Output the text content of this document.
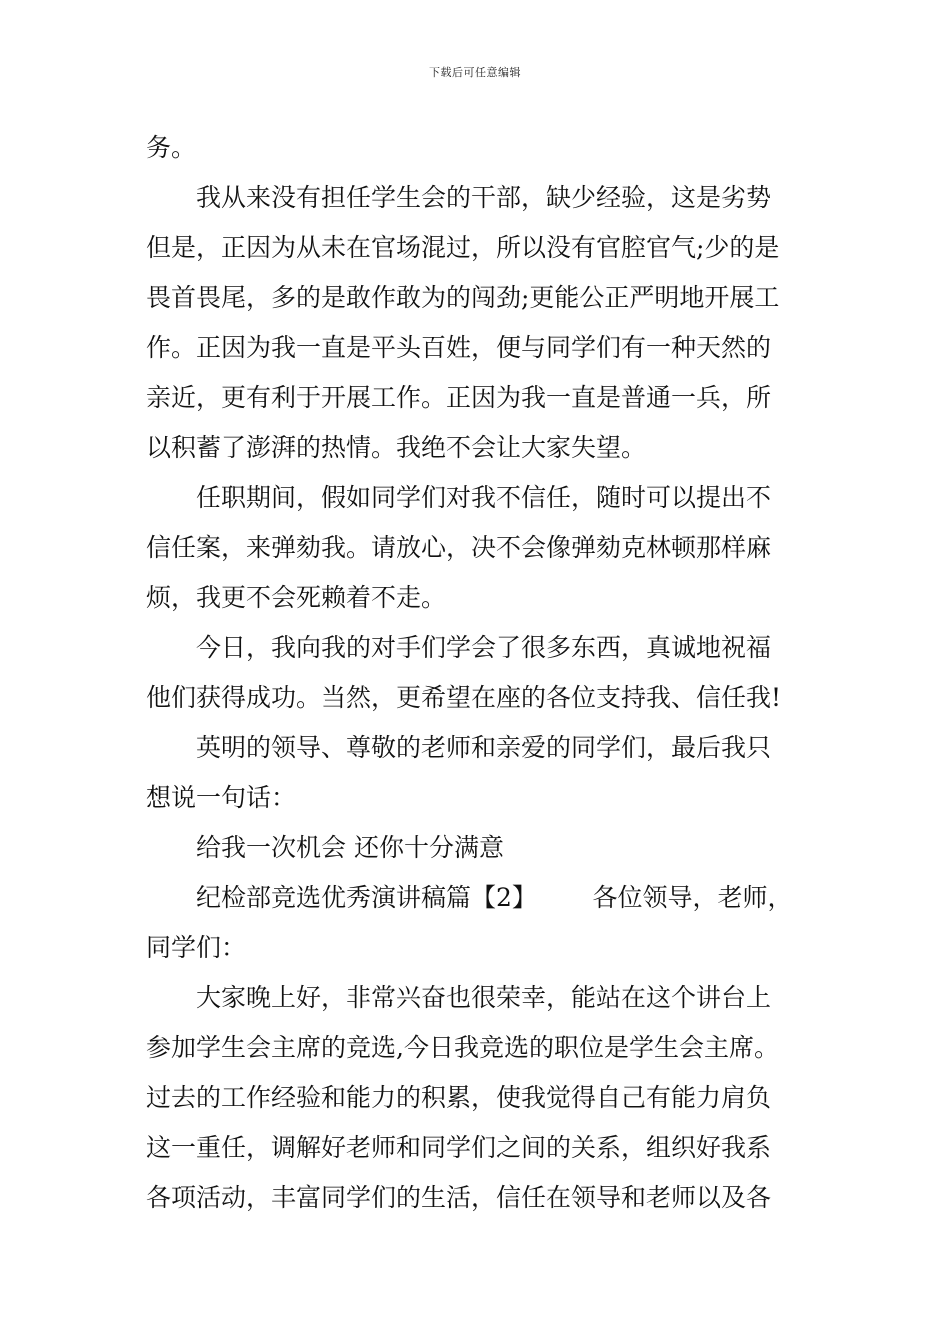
下载后可任意编辑
务。
我从来没有担任学生会的干部，缺少经验，这是劣势
但是，正因为从未在官场混过，所以没有官腔官气;少的是
畏首畏尾，多的是敢作敢为的闯劲;更能公正严明地开展工
作。正因为我一直是平头百姓，便与同学们有一种天然的
亲近，更有利于开展工作。正因为我一直是普通一兵，所
以积蓄了澎湃的热情。我绝不会让大家失望。
任职期间，假如同学们对我不信任，随时可以提出不
信任案，来弹劾我。请放心，决不会像弹劾克林顿那样麻
烦，我更不会死赖着不走。
今日，我向我的对手们学会了很多东西，真诚地祝福
他们获得成功。当然，更希望在座的各位支持我、信任我!
英明的领导、尊敬的老师和亲爱的同学们，最后我只
想说一句话：
给我一次机会 还你十分满意
纪检部竞选优秀演讲稿篇【2】       各位领导，老师，
同学们：
大家晚上好，非常兴奋也很荣幸，能站在这个讲台上
参加学生会主席的竞选,今日我竞选的职位是学生会主席。
过去的工作经验和能力的积累，使我觉得自己有能力肩负
这一重任，调解好老师和同学们之间的关系，组织好我系
各项活动，丰富同学们的生活，信任在领导和老师以及各
